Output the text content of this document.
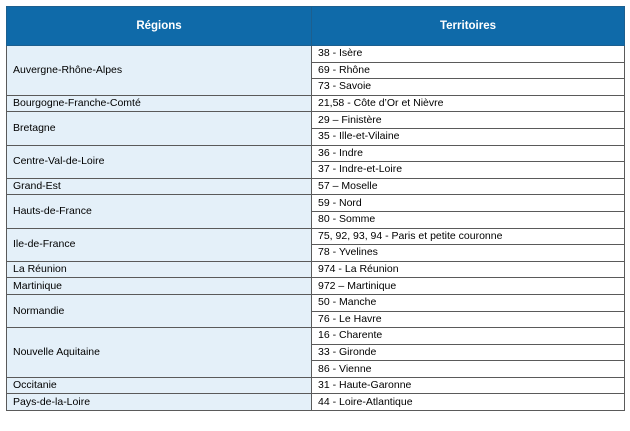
Régions	Territoires
Auvergne-Rhône-Alpes	38 - Isère
	69 - Rhône
	73 - Savoie
Bourgogne-Franche-Comté	21,58 - Côte d’Or et Nièvre
Bretagne	29 – Finistère
	35 - Ille-et-Vilaine
Centre-Val-de-Loire	36 - Indre
	37 - Indre-et-Loire
Grand-Est	57 – Moselle
Hauts-de-France	59 - Nord
	80 - Somme
Ile-de-France	75, 92, 93, 94 - Paris et petite couronne
	78 - Yvelines
La Réunion	974 - La Réunion
Martinique	972 – Martinique
Normandie	50 - Manche
	76 - Le Havre
Nouvelle Aquitaine	16 - Charente
	33 - Gironde
	86 - Vienne
Occitanie	31 - Haute-Garonne
Pays-de-la-Loire	44 - Loire-Atlantique
